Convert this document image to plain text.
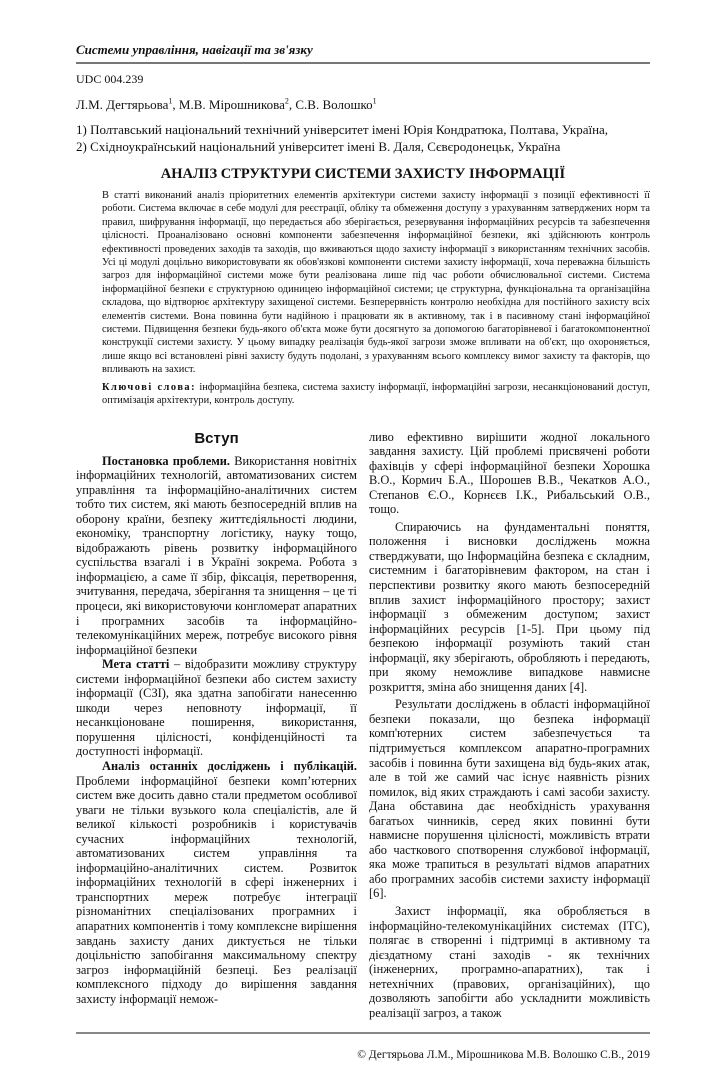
Системи управління, навігації та зв'язку
UDC 004.239
Л.М. Дегтярьова$^1$, М.В. Мірошникова$^2$, С.В. Волошко$^1$
1) Полтавський національний технічний університет імені Юрія Кондратюка, Полтава, Україна,
2) Східноукраїнський національний університет імені В. Даля, Сєвєродонецьк, Україна
АНАЛІЗ СТРУКТУРИ СИСТЕМИ ЗАХИСТУ ІНФОРМАЦІЇ

В статті виконаний аналіз пріоритетних елементів архітектури системи захисту інформації з позиції ефективності її роботи. Система включає в себе модулі для реєстрації, обліку та обмеження доступу з урахуванням затверджених норм та правил, шифрування інформації, що передається або зберігається, резервування інформаційних ресурсів та забезпечення цілісності. Проаналізовано основні компоненти забезпечення інформаційної безпеки, які здійснюють контроль ефективності проведених заходів та заходів, що вживаються щодо захисту інформації з використанням технічних засобів. Усі ці модулі доцільно використовувати як обов'язкові компоненти системи захисту інформації, хоча переважна більшість загроз для інформаційної системи може бути реалізована лише під час роботи обчислювальної системи. Система інформаційної безпеки є структурною одиницею інформаційної системи; це структурна, функціональна та організаційна складова, що відтворює архітектуру захищеної системи. Безперервність контролю необхідна для постійного захисту всіх елементів системи. Вона повинна бути надійною і працювати як в активному, так і в пасивному стані інформаційної системи. Підвищення безпеки будь-якого об'єкта може бути досягнуто за допомогою багаторівневої і багатокомпонентної конструкції системи захисту. У цьому випадку реалізація будь-якої загрози зможе впливати на об'єкт, що охороняється, лише якщо всі встановлені рівні захисту будуть подолані, з урахуванням всього комплексу вимог захисту та факторів, що впливають на захист.

Ключові слова: інформаційна безпека, система захисту інформації, інформаційні загрози, несанкціонований доступ, оптимізація архітектури, контроль доступу.

Вступ

Постановка проблеми. Використання новітніх інформаційних технологій, автоматизованих систем управління та інформаційно-аналітичних систем тобто тих систем, які мають безпосередній вплив на оборону країни, безпеку життєдіяльності людини, економіку, транспортну логістику, науку тощо, відображають рівень розвитку інформаційного суспільства взагалі і в Україні зокрема. Робота з інформацією, а саме її збір, фіксація, перетворення, зчитування, передача, зберігання та знищення – це ті процеси, які використовуючи конгломерат апаратних і програмних засобів та інформаційно-телекомунікаційних мереж, потребує високого рівня інформаційної безпеки

Мета статті – відобразити можливу структуру системи інформаційної безпеки або систем захисту інформації (СЗІ), яка здатна запобігати нанесенню шкоди через неповноту інформації, її несанкціоноване поширення, використання, порушення цілісності, конфіденційності та доступності інформації.

Аналіз останніх досліджень і публікацій. Проблеми інформаційної безпеки комп’ютерних систем вже досить давно стали предметом особливої уваги не тільки вузького кола спеціалістів, але й великої кількості розробників і користувачів сучасних інформаційних технологій, автоматизованих систем управління та інформаційно-аналітичних систем. Розвиток інформаційних технологій в сфері інженерних і транспортних мереж потребує інтеграції різноманітних спеціалізованих програмних і апаратних компонентів і тому комплексне вирішення завдань захисту даних диктується не тільки доцільністю запобігання максимальному спектру загроз інформаційній безпеці. Без реалізації комплексного підходу до вирішення завдання захисту інформації немож-

ливо ефективно вирішити жодної локального завдання захисту. Цій проблемі присвячені роботи фахівців у сфері інформаційної безпеки Хорошка В.О., Кормич Б.А., Шорошев В.В., Чекатков А.О., Степанов Є.О., Корнєєв І.К., Рибальський О.В., тощо.

Спираючись на фундаментальні поняття, положення і висновки досліджень можна стверджувати, що Інформаційна безпека є складним, системним і багаторівневим фактором, на стан і перспективи розвитку якого мають безпосередній вплив захист інформаційного простору; захист інформації з обмеженим доступом; захист інформаційних ресурсів [1-5]. При цьому під безпекою інформації розуміють такий стан інформації, яку зберігають, обробляють і передають, при якому неможливе випадкове навмисне розкриття, зміна або знищення даних [4].

Результати досліджень в області інформаційної безпеки показали, що безпека інформації комп'ютерних систем забезпечується та підтримується комплексом апаратно-програмних засобів і повинна бути захищена від будь-яких атак, але в той же самий час існує наявність різних помилок, від яких страждають і самі засоби захисту. Дана обставина дає необхідність урахування багатьох чинників, серед яких повинні бути навмисне порушення цілісності, можливість втрати або часткового спотворення службової інформації, яка може трапиться в результаті відмов апаратних або програмних засобів системи захисту інформації [6].

Захист інформації, яка обробляється в інформаційно-телекомунікаційних системах (ІТС), полягає в створенні і підтримці в активному та дієздатному стані заходів - як технічних (інженерних, програмно-апаратних), так і нетехнічних (правових, організаційних), що дозволяють запобігти або ускладнити можливість реалізації загроз, а також

© Дегтярьова Л.М., Мірошникова М.В. Волошко С.В., 2019
